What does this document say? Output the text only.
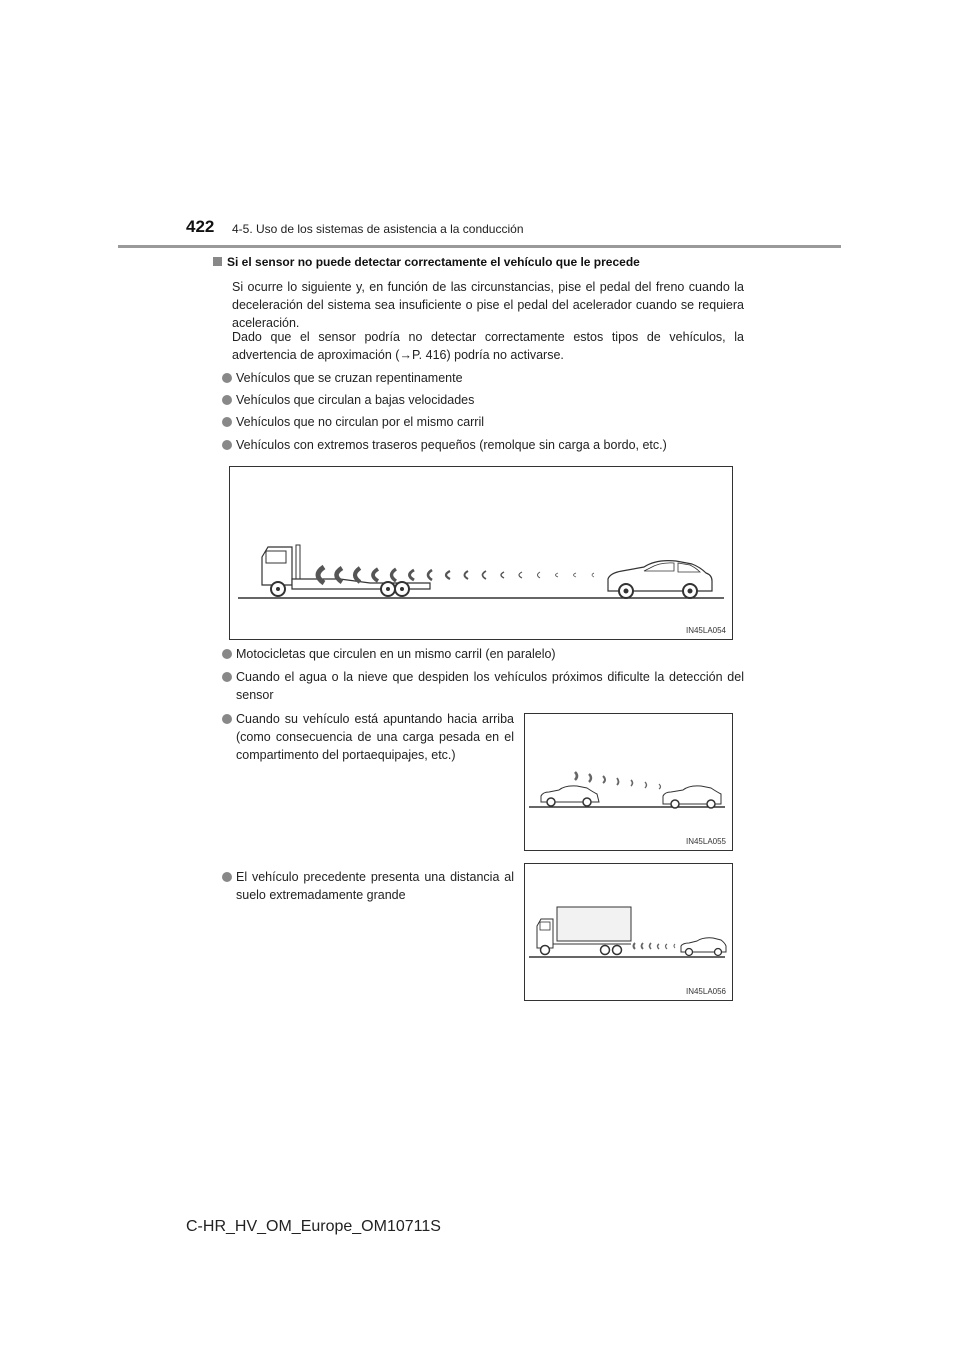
422 4-5. Uso de los sistemas de asistencia a la conducción
Si el sensor no puede detectar correctamente el vehículo que le precede

Si ocurre lo siguiente y, en función de las circunstancias, pise el pedal del freno cuando la deceleración del sistema sea insuficiente o pise el pedal del acelerador cuando se requiera aceleración.

Dado que el sensor podría no detectar correctamente estos tipos de vehículos, la advertencia de aproximación (→P. 416) podría no activarse.

Vehículos que se cruzan repentinamente
Vehículos que circulan a bajas velocidades
Vehículos que no circulan por el mismo carril
Vehículos con extremos traseros pequeños (remolque sin carga a bordo, etc.)
IN45LA054
Motocicletas que circulen en un mismo carril (en paralelo)
Cuando el agua o la nieve que despiden los vehículos próximos dificulte la detección del sensor
Cuando su vehículo está apuntando hacia arriba (como consecuencia de una carga pesada en el compartimento del portaequipajes, etc.)
IN45LA055
El vehículo precedente presenta una distancia al suelo extremadamente grande
IN45LA056
C-HR_HV_OM_Europe_OM10711S
